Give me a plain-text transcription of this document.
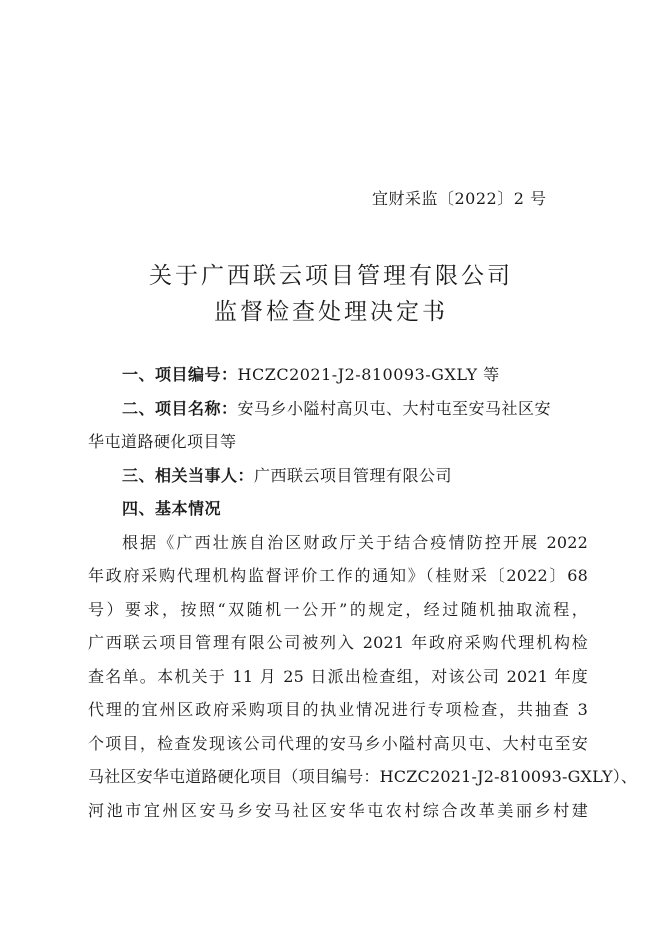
宜财采监〔2022〕2 号
关于广西联云项目管理有限公司
监督检查处理决定书
一、项目编号：HCZC2021-J2-810093-GXLY 等
二、项目名称：安马乡小隘村高贝屯、大村屯至安马社区安
华屯道路硬化项目等
三、相关当事人：广西联云项目管理有限公司
四、基本情况
根据《广西壮族自治区财政厅关于结合疫情防控开展 2022
年政府采购代理机构监督评价工作的通知》（桂财采〔2022〕68
号）要求，按照“双随机一公开”的规定，经过随机抽取流程，
广西联云项目管理有限公司被列入 2021 年政府采购代理机构检
查名单。本机关于 11 月 25 日派出检查组，对该公司 2021 年度
代理的宜州区政府采购项目的执业情况进行专项检查，共抽查 3
个项目，检查发现该公司代理的安马乡小隘村高贝屯、大村屯至安
马社区安华屯道路硬化项目（项目编号：HCZC2021-J2-810093-GXLY）、
河池市宜州区安马乡安马社区安华屯农村综合改革美丽乡村建
